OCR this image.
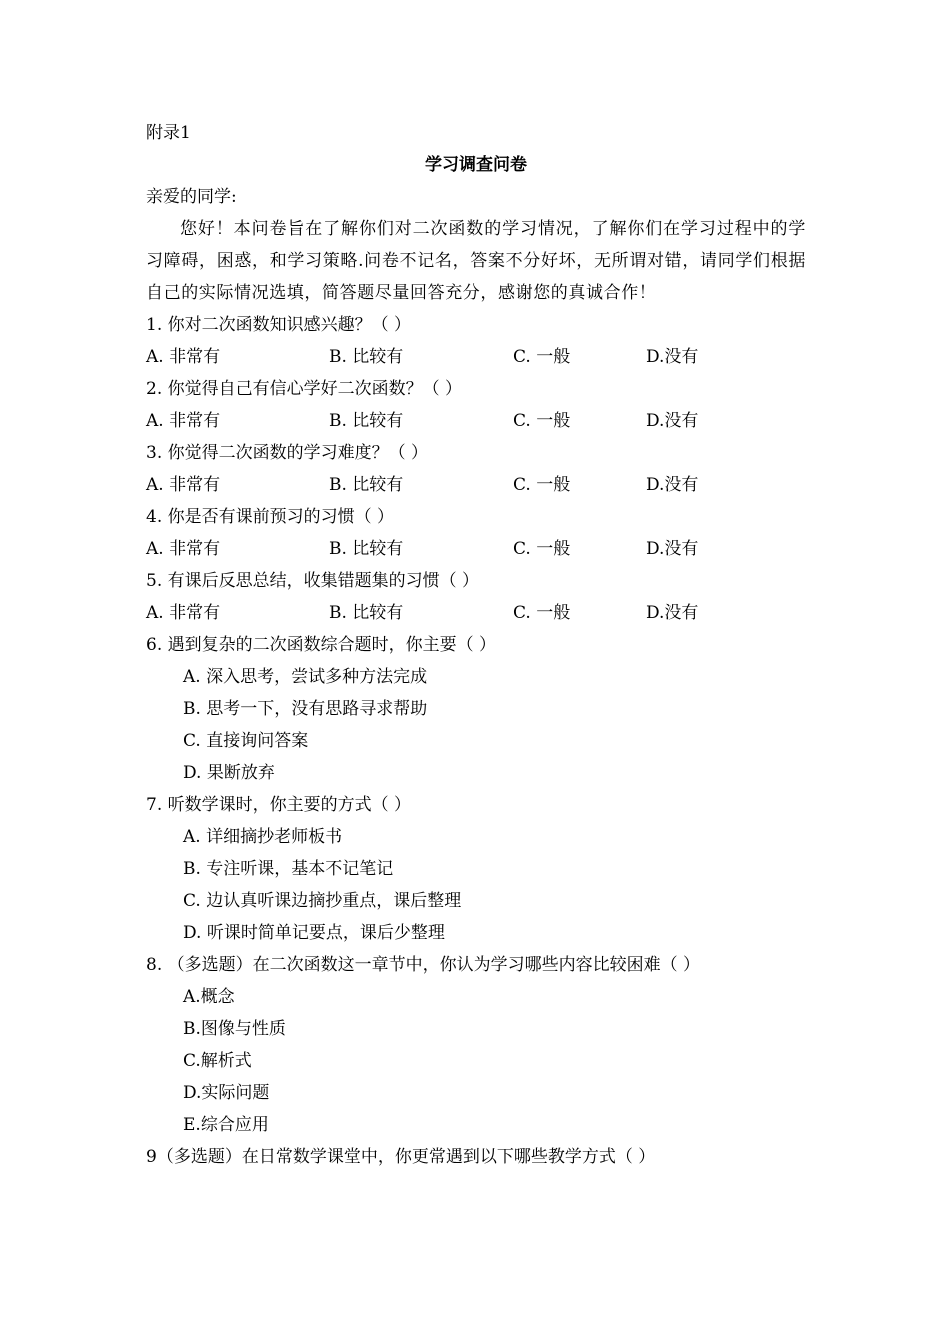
附录1
学习调查问卷
亲爱的同学:
您好！本问卷旨在了解你们对二次函数的学习情况，了解你们在学习过程中的学习障碍，困惑，和学习策略.问卷不记名，答案不分好坏，无所谓对错，请同学们根据自己的实际情况选填，简答题尽量回答充分，感谢您的真诚合作！
1. 你对二次函数知识感兴趣？（ ）
A. 非常有	B. 比较有	C. 一般	D.没有
2. 你觉得自己有信心学好二次函数？（ ）
A. 非常有	B. 比较有	C. 一般	D.没有
3. 你觉得二次函数的学习难度？（ ）
A. 非常有	B. 比较有	C. 一般	D.没有
4. 你是否有课前预习的习惯（ ）
A. 非常有	B. 比较有	C. 一般	D.没有
5. 有课后反思总结，收集错题集的习惯（ ）
A. 非常有	B. 比较有	C. 一般	D.没有
6. 遇到复杂的二次函数综合题时，你主要（ ）
A. 深入思考，尝试多种方法完成
B. 思考一下，没有思路寻求帮助
C. 直接询问答案
D. 果断放弃
7. 听数学课时，你主要的方式（ ）
A. 详细摘抄老师板书
B. 专注听课，基本不记笔记
C. 边认真听课边摘抄重点，课后整理
D. 听课时简单记要点，课后少整理
8. （多选题）在二次函数这一章节中，你认为学习哪些内容比较困难（ ）
A.概念
B.图像与性质
C.解析式
D.实际问题
E.综合应用
9（多选题）在日常数学课堂中，你更常遇到以下哪些教学方式（ ）
